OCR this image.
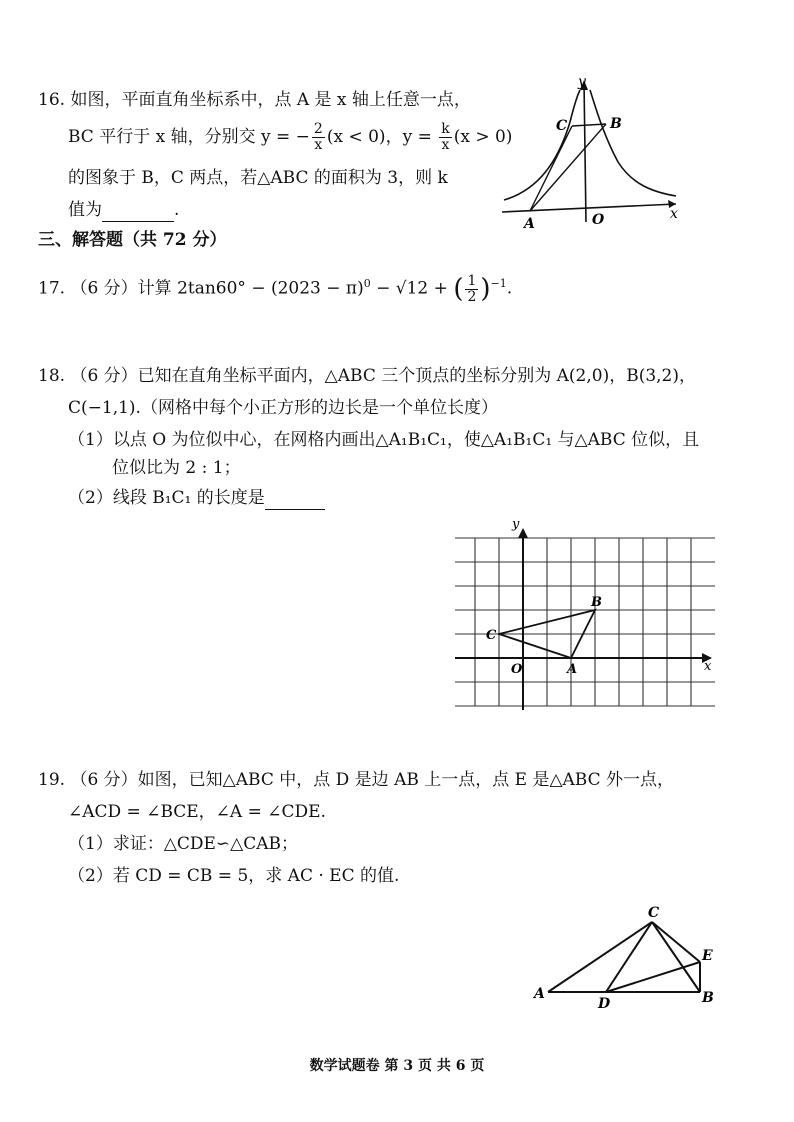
16. 如图，平面直角坐标系中，点 A 是 x 轴上任意一点，
BC 平行于 x 轴，分别交 y = − $\frac{2}{x} (x < 0)$，$y = \frac{k}{x} (x > 0)$
的图象于 B，C 两点，若△ABC 的面积为 3，则 k
值为	.
y
x
A	O
B
C
三、解答题（共 72 分）
17. （6 分）计算 $2\tan 60^\circ - (2023 - \pi)^0 - √12$ + ( $\frac{1}{2} )^{-1}$.
18. （6 分）已知在直角坐标平面内，△ABC 三个顶点的坐标分别为 A(2,0)，B(3,2)，
C(−1,1).（网格中每个小正方形的边长是一个单位长度）
（1）以点 O 为位似中心，在网格内画出△A₁B₁C₁，使△A₁B₁C₁ 与△ABC 位似，且
位似比为 2 : 1；
（2）线段 B₁C₁ 的长度是
y
x
O	A
B
C
19. （6 分）如图，已知△ABC 中，点 D 是边 AB 上一点，点 E 是△ABC 外一点，
∠ACD = ∠BCE，∠A = ∠CDE.
（1）求证：△CDE∽△CAB；
（2）若 CD = CB = 5，求 AC · EC 的值.
A	B
C
D
E
数学试题卷 第 3 页 共 6 页
